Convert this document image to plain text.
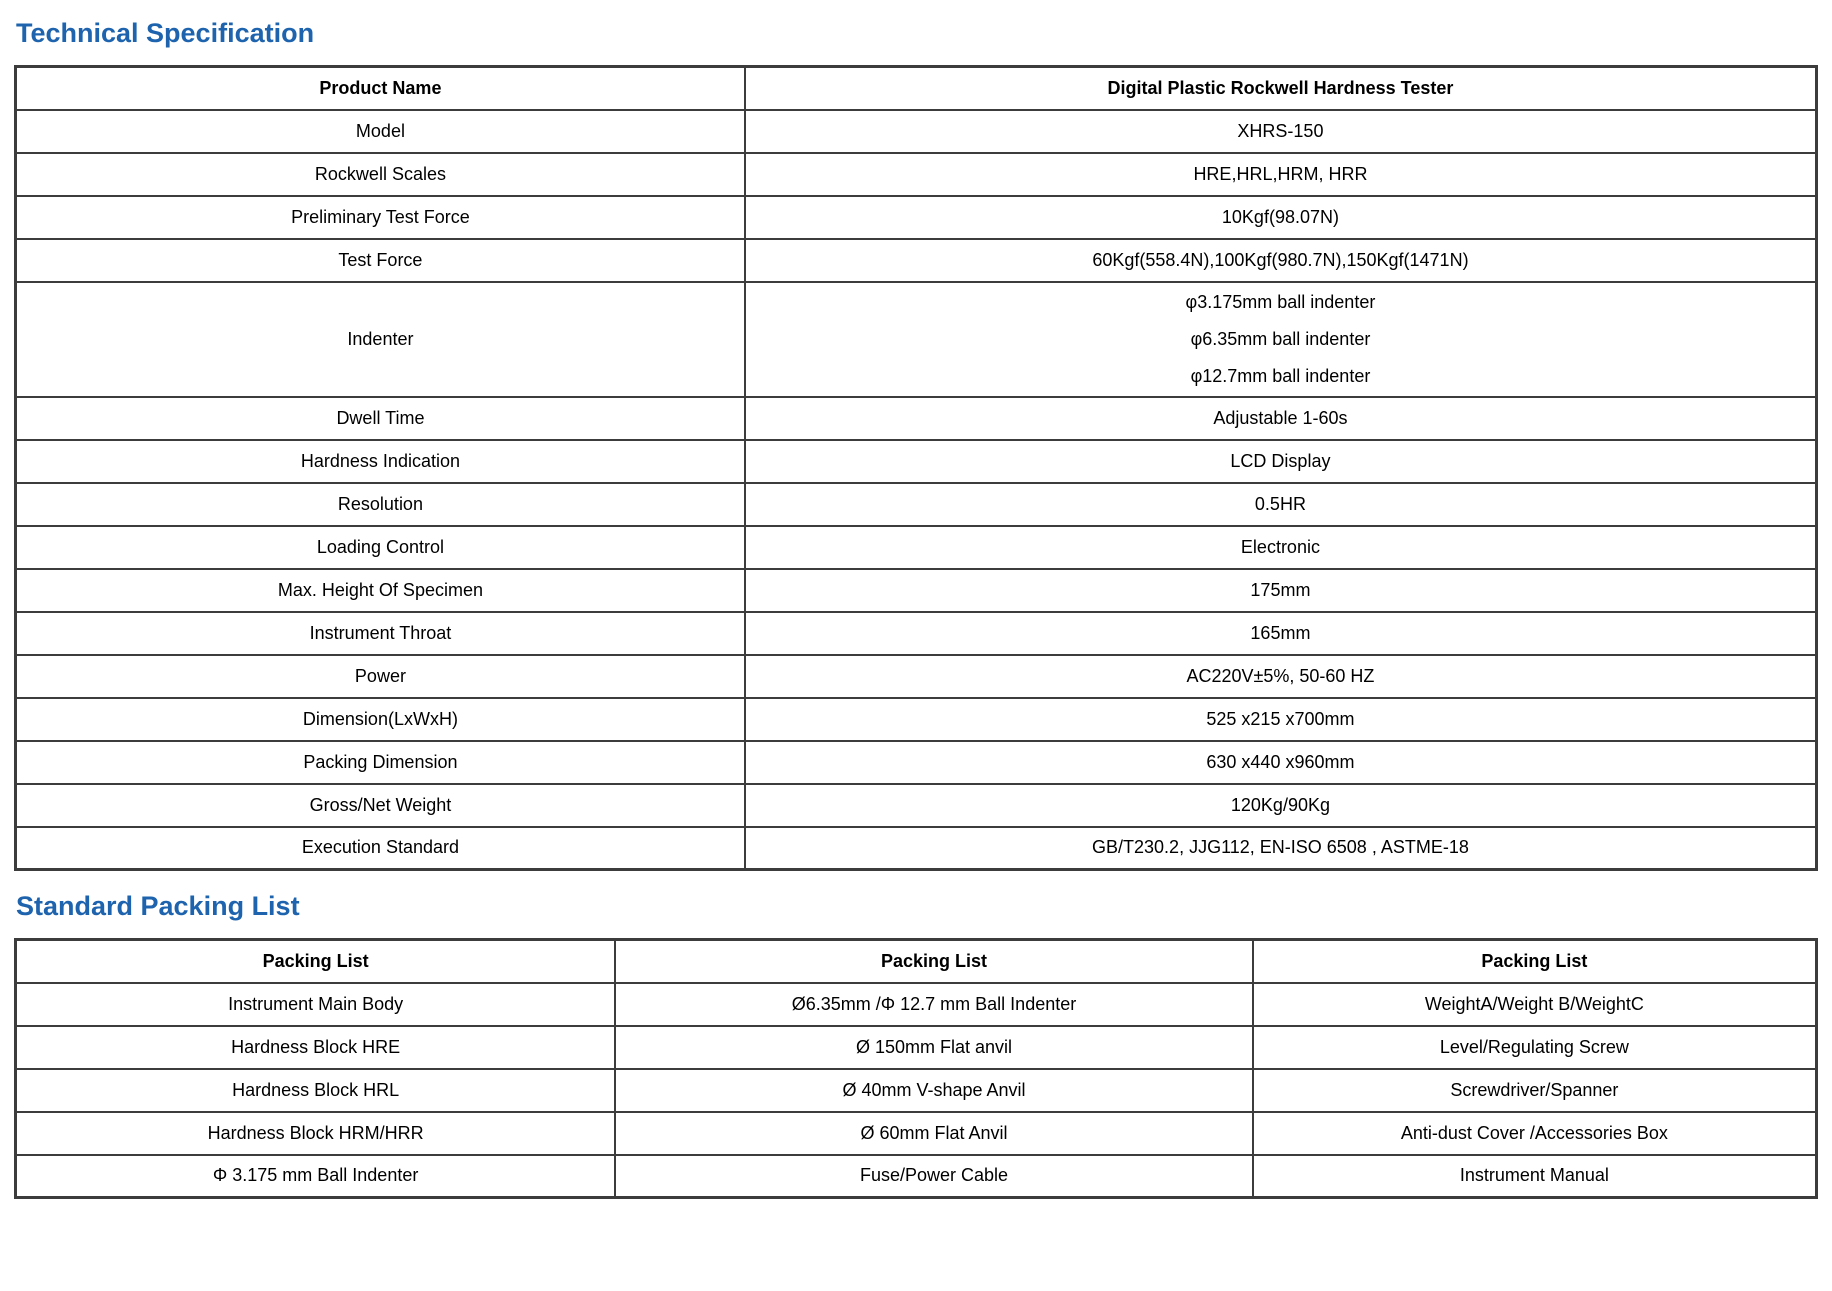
Technical Specification
Product Name	Digital Plastic Rockwell Hardness Tester
Model	XHRS-150
Rockwell Scales	HRE,HRL,HRM, HRR
Preliminary Test Force	10Kgf(98.07N)
Test Force	60Kgf(558.4N),100Kgf(980.7N),150Kgf(1471N)
Indenter	φ3.175mm ball indenter
φ6.35mm ball indenter
φ12.7mm ball indenter

Dwell Time	Adjustable 1-60s
Hardness Indication	LCD Display
Resolution	0.5HR
Loading Control	Electronic
Max. Height Of Specimen	175mm
Instrument Throat	165mm
Power	AC220V±5%, 50-60 HZ
Dimension(LxWxH)	525 x215 x700mm
Packing Dimension	630 x440 x960mm
Gross/Net Weight	120Kg/90Kg
Execution Standard	GB/T230.2, JJG112, EN-ISO 6508 , ASTME-18
Standard Packing List
Packing List	Packing List	Packing List
Instrument Main Body	Ø6.35mm /Φ 12.7 mm Ball Indenter	WeightA/Weight B/WeightC
Hardness Block HRE	Ø 150mm Flat anvil	Level/Regulating Screw
Hardness Block HRL	Ø 40mm V-shape Anvil	Screwdriver/Spanner
Hardness Block HRM/HRR	Ø 60mm Flat Anvil	Anti-dust Cover /Accessories Box
Φ 3.175 mm Ball Indenter	Fuse/Power Cable	Instrument Manual
